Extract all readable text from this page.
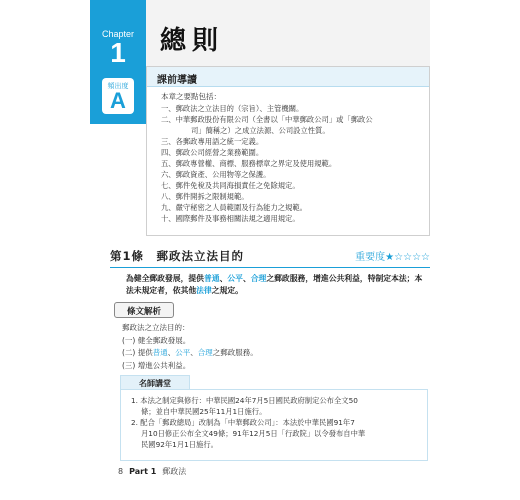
Chapter
1
頻出度
A
總則
課前導讀
本章之要點包括：
一、郵政法之立法目的（宗旨）、主管機關。
二、中華郵政股份有限公司（全書以「中華郵政公司」或「郵政公
司」簡稱之）之成立法源、公司設立性質。
三、各郵政專用語之統一定義。
四、郵政公司經營之業務範圍。
五、郵政專營權、商標、服務標章之界定及使用規範。
六、郵政資產、公用物等之保護。
七、郵件免稅及共同海損責任之免除規定。
八、郵件開拆之限制規範。
九、嚴守秘密之人員範圍及行為能力之規範。
十、國際郵件及事務相關法規之適用規定。
第1條　郵政法立法目的	重要度★☆☆☆☆
為健全郵政發展，提供普通、公平、合理之郵政服務，增進公共利益，特制定本法；本法未規定者，依其他法律之規定。
條文解析
郵政法之立法目的：
(一) 健全郵政發展。
(二) 提供普通、公平、合理之郵政服務。
(三) 增進公共利益。
名師講堂
1. 本法之制定與修行：中華民國24年7月5日國民政府制定公布全文50
條；並自中華民國25年11月1日施行。
2. 配合「郵政總局」改制為「中華郵政公司」：本法於中華民國91年7
月10日修正公布全文49條；91年12月5日「行政院」以令發布自中華
民國92年1月1日施行。
8 Part 1 郵政法
